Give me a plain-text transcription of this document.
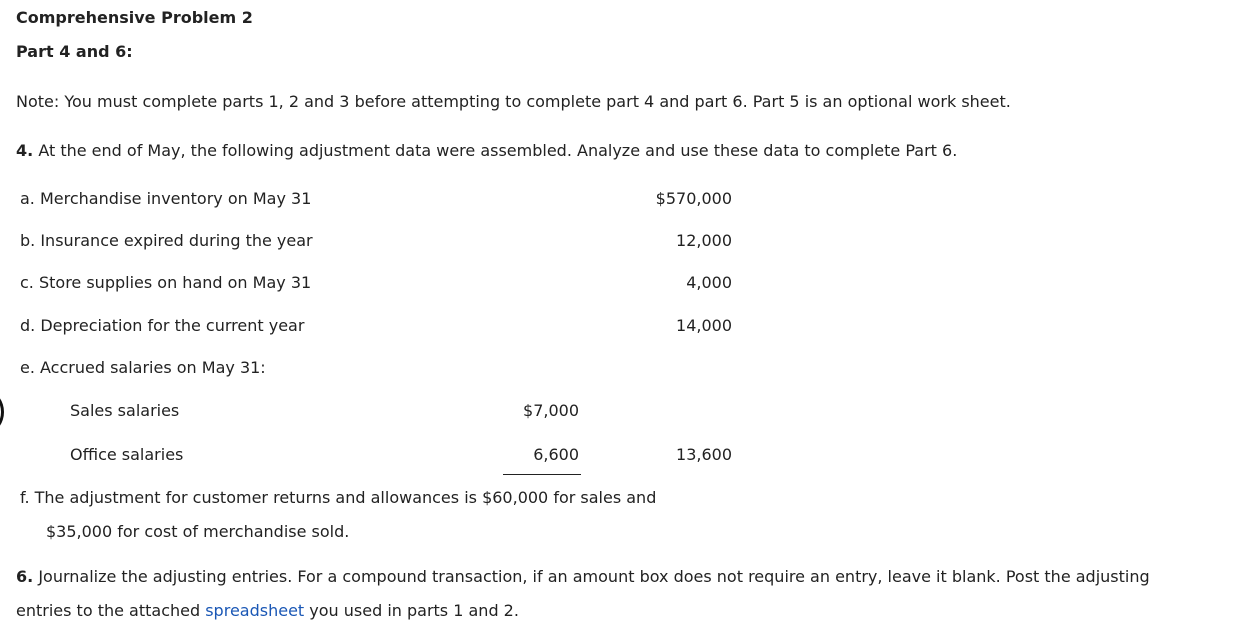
Comprehensive Problem 2
Part 4 and 6:
Note: You must complete parts 1, 2 and 3 before attempting to complete part 4 and part 6. Part 5 is an optional work sheet.
4. At the end of May, the following adjustment data were assembled. Analyze and use these data to complete Part 6.
a. Merchandise inventory on May 31	$570,000
b. Insurance expired during the year	12,000
c. Store supplies on hand on May 31	4,000
d. Depreciation for the current year	14,000
e. Accrued salaries on May 31:
Sales salaries	$7,000
Office salaries	6,600	13,600
f. The adjustment for customer returns and allowances is $60,000 for sales and
$35,000 for cost of merchandise sold.
6. Journalize the adjusting entries. For a compound transaction, if an amount box does not require an entry, leave it blank. Post the adjusting
entries to the attached spreadsheet you used in parts 1 and 2.
